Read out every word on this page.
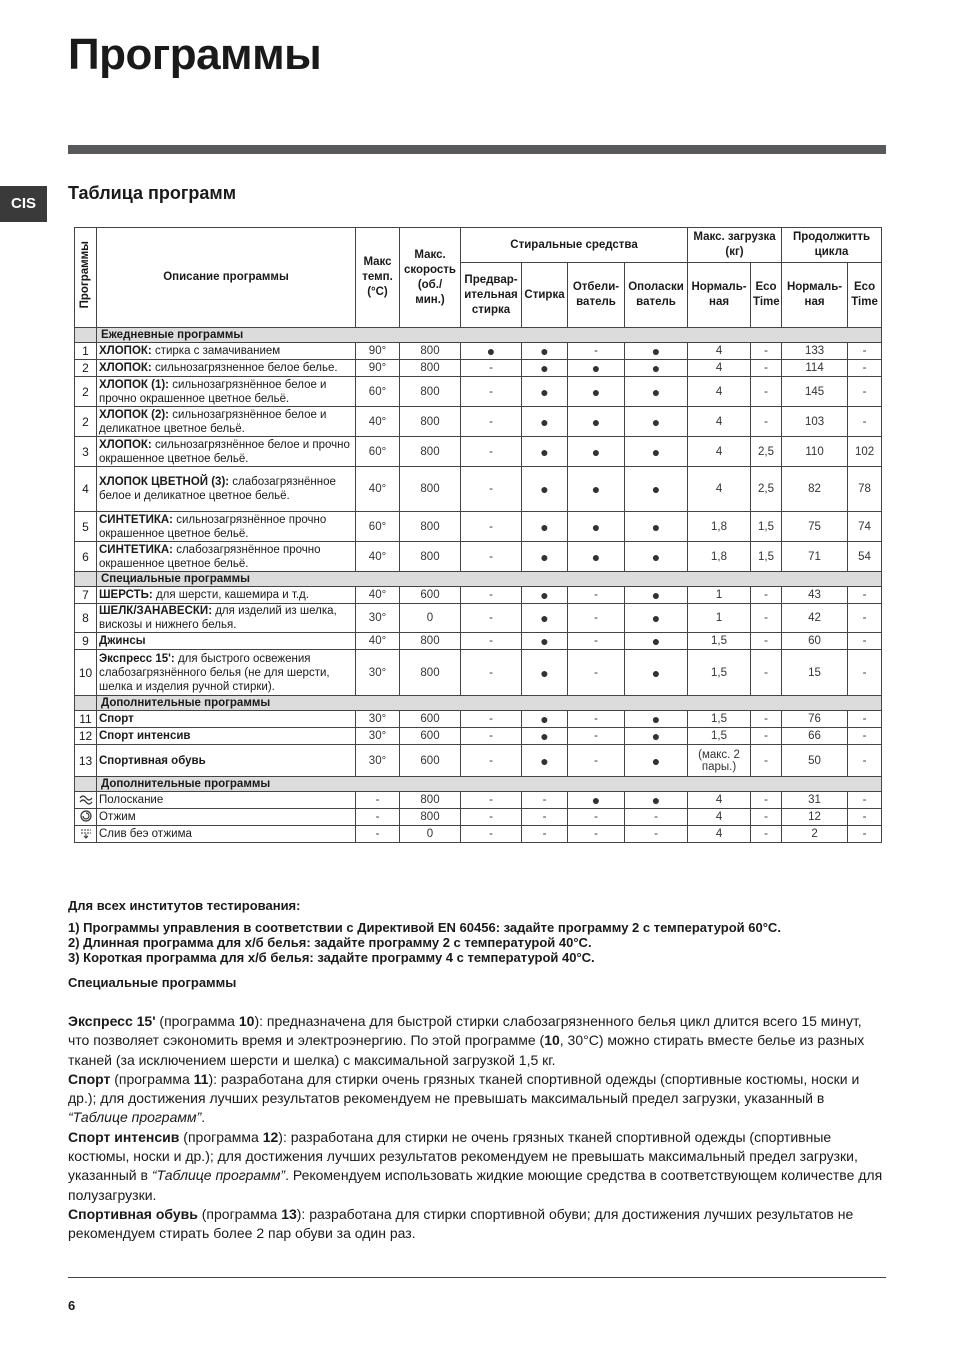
Программы
CIS
Таблица программ
Программы	Описание программы	Макс темп. (°C)	Макс. скорость (об./ мин.)	Стиральные средства				Макс. загрузка (кг)		Продолжитть цикла	
				Предвар- ительная стирка	Стирка	Отбели- ватель	Ополаски ватель	Нормаль- ная	Eco Time	Нормаль- ная	Eco Time
	Ежедневные программы										
1	ХЛОПОК: стирка с замачиванием	90°	800	●	●	-	●	4	-	133	-
2	ХЛОПОК: сильнозагрязненное белое белье.	90°	800	-	●	●	●	4	-	114	-
2	ХЛОПОК (1): сильнозагрязнённое белое и прочно окрашенное цветное бельё.	60°	800	-	●	●	●	4	-	145	-
2	ХЛОПОК (2): сильнозагрязнённое белое и деликатное цветное бельё.	40°	800	-	●	●	●	4	-	103	-
3	ХЛОПОК: сильнозагрязнённое белое и прочно окрашенное цветное бельё.	60°	800	-	●	●	●	4	2,5	110	102
4	ХЛОПОК ЦВЕТНОЙ (3): слабозагрязнённое белое и деликатное цветное бельё.	40°	800	-	●	●	●	4	2,5	82	78
5	СИНТЕТИКА: сильнозагрязнённое прочно окрашенное цветное бельё.	60°	800	-	●	●	●	1,8	1,5	75	74
6	СИНТЕТИКА: слабозагрязнённое прочно окрашенное цветное бельё.	40°	800	-	●	●	●	1,8	1,5	71	54
	Специальные программы										
7	ШЕРСТЬ: для шерсти, кашемира и т.д.	40°	600	-	●	-	●	1	-	43	-
8	ШЕЛК/ЗАНАВЕСКИ: для изделий из шелка, вискозы и нижнего белья.	30°	0	-	●	-	●	1	-	42	-
9	Джинсы	40°	800	-	●	-	●	1,5	-	60	-
10	Экспресс 15': для быстрого освежения слабозагрязнённого белья (не для шерсти, шелка и изделия ручной стирки).	30°	800	-	●	-	●	1,5	-	15	-
	Дополнительные программы										
11	Спорт	30°	600	-	●	-	●	1,5	-	76	-
12	Спорт интенсив	30°	600	-	●	-	●	1,5	-	66	-
13	Спортивная обувь	30°	600	-	●	-	●	(макс. 2 пары.)	-	50	-
	Дополнительные программы										
	Полоскание	-	800	-	-	●	●	4	-	31	-
	Отжим	-	800	-	-	-	-	4	-	12	-
	Слив беэ отжима	-	0	-	-	-	-	4	-	2	-

Для всех институтов тестирования:

1) Программы управления в соответствии с Директивой EN 60456: задайте программу 2 с температурой 60°C.

2) Длинная программа для х/б белья: задайте программу 2 с температурой 40°C.

3) Короткая программа для х/б белья: задайте программу 4 с температурой 40°C.

Специальные программы

Экспресс 15' (программа 10): предназначена для быстрой стирки слабозагрязненного белья цикл длится всего 15 минут, что позволяет сэкономить время и электроэнергию. По этой программе (10, 30°C) можно стирать вместе белье из разных тканей (за исключением шерсти и шелка) с максимальной загрузкой 1,5 кг.

Спорт (программа 11): разработана для стирки очень грязных тканей спортивной одежды (спортивные костюмы, носки и др.); для достижения лучших результатов рекомендуем не превышать максимальный предел загрузки, указанный в “Таблице программ”.

Спорт интенсив (программа 12): разработана для стирки не очень грязных тканей спортивной одежды (спортивные костюмы, носки и др.); для достижения лучших результатов рекомендуем не превышать максимальный предел загрузки, указанный в “Таблице программ”. Рекомендуем использовать жидкие моющие средства в соответствующем количестве для полузагрузки.

Спортивная обувь (программа 13): разработана для стирки спортивной обуви; для достижения лучших результатов не рекомендуем стирать более 2 пар обуви за один раз.

6
